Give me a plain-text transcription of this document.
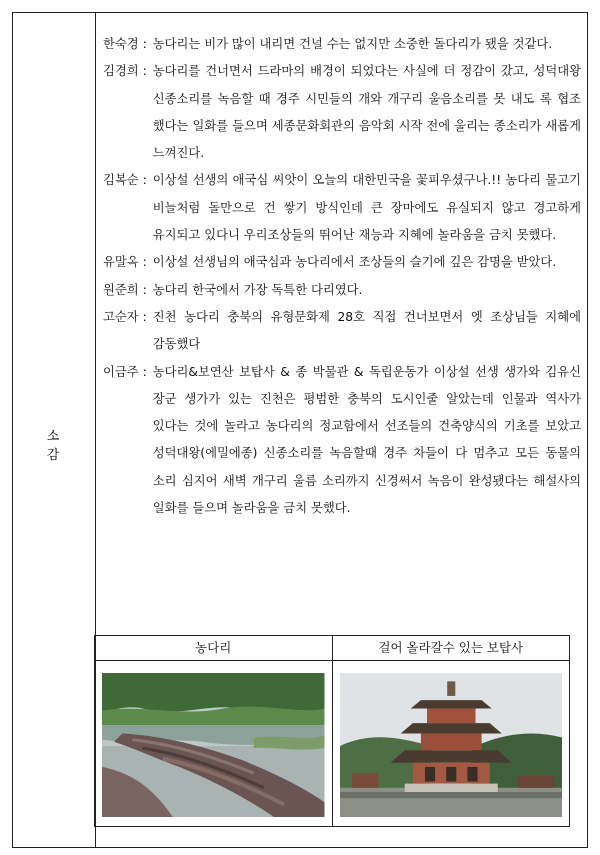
소 감
한숙경 : 농다리는 비가 많이 내리면 건널 수는 없지만 소중한 돌다리가 됐을 것같다.
김경희 : 농다리를 건너면서 드라마의 배경이 되었다는 사실에 더 정감이 갔고, 성덕대왕 신종소리를 녹음할 때 경주 시민들의 개와 개구리 울음소리를 못 내도 록 협조 했다는 일화를 들으며 세종문화회관의 음악회 시작 전에 울리는 종소리가 새롭게 느껴진다.
김복순 : 이상설 선생의 애국심 씨앗이 오늘의 대한민국을 꽃피우셨구나.!! 농다리 물고기 비늘처럼 돌만으로 건 쌓기 방식인데 큰 장마에도 유실되지 않고 경고하게 유지되고 있다니 우리조상들의 뛰어난 재능과 지혜에 놀라움을 금치 못했다.
유말옥 : 이상설 선생님의 애국심과 농다리에서 조상들의 슬기에 깊은 감명을 받았다.
원준희 : 농다리 한국에서 가장 독특한 다리였다.
고순자 : 진천 농다리 충북의 유형문화제 28호 직접 건너보면서 엣 조상님들 지혜에 감동했다
이금주 : 농다리&보연산 보탑사 & 종 박물관 & 독립운동가 이상설 선생 생가와 김유신 장군 생가가 있는 진천은 평범한 충북의 도시인줄 알았는데 인물과 역사가 있다는 것에 놀라고 농다리의 정교함에서 선조들의 건축양식의 기초를 보았고 성덕대왕(에밀에종) 신종소리를 녹음할때 경주 차들이 다 멈추고 모든 동물의 소리 심지어 새벽 개구리 울름 소리까지 신경써서 녹음이 완성됐다는 해설사의 일화를 들으며 놀라움을 금치 못했다.
농다리	걸어 올라갈수 있는 보탑사
